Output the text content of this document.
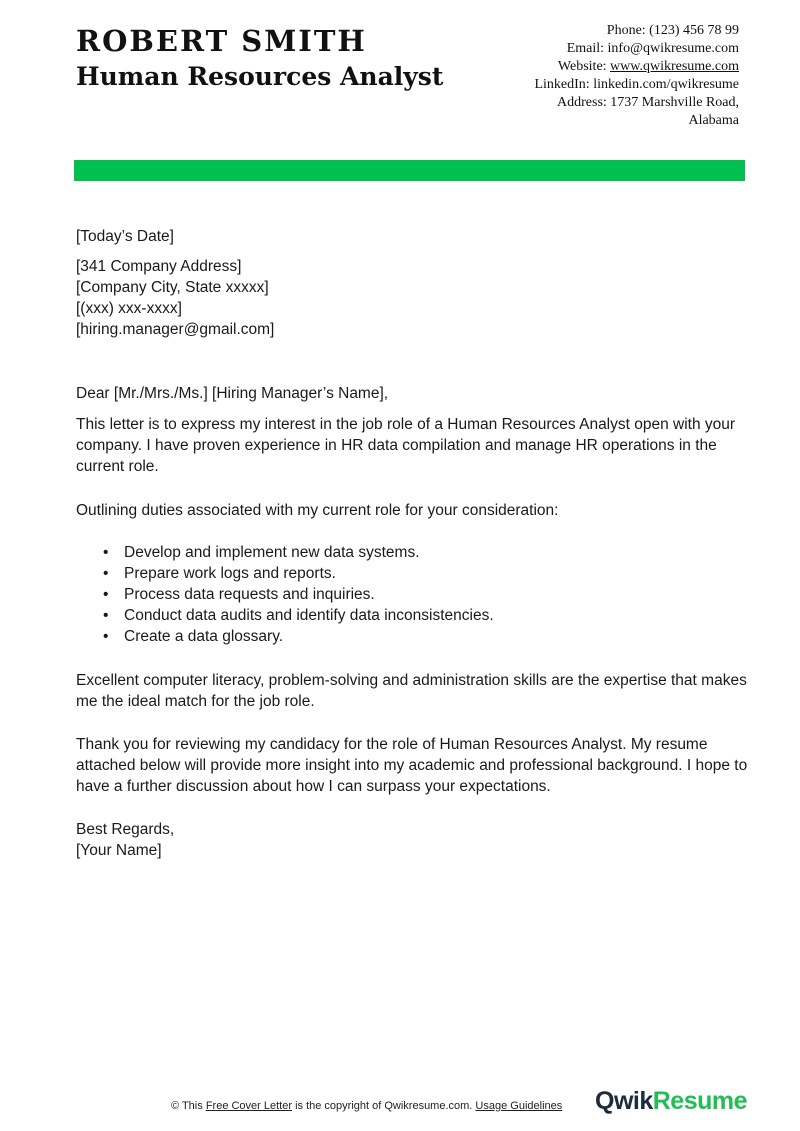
ROBERT SMITH
Human Resources Analyst
Phone: (123) 456 78 99
Email: info@qwikresume.com
Website: www.qwikresume.com
LinkedIn: linkedin.com/qwikresume
Address: 1737 Marshville Road,
Alabama
[Today’s Date]
[341 Company Address]
[Company City, State xxxxx]
[(xxx) xxx-xxxx]
[hiring.manager@gmail.com]
Dear [Mr./Mrs./Ms.] [Hiring Manager’s Name],
This letter is to express my interest in the job role of a Human Resources Analyst open with your company. I have proven experience in HR data compilation and manage HR operations in the current role.
Outlining duties associated with my current role for your consideration:
• Develop and implement new data systems.
• Prepare work logs and reports.
• Process data requests and inquiries.
• Conduct data audits and identify data inconsistencies.
• Create a data glossary.
Excellent computer literacy, problem-solving and administration skills are the expertise that makes me the ideal match for the job role.
Thank you for reviewing my candidacy for the role of Human Resources Analyst. My resume attached below will provide more insight into my academic and professional background. I hope to have a further discussion about how I can surpass your expectations.
Best Regards,
[Your Name]
© This Free Cover Letter is the copyright of Qwikresume.com. Usage Guidelines QwikResume
